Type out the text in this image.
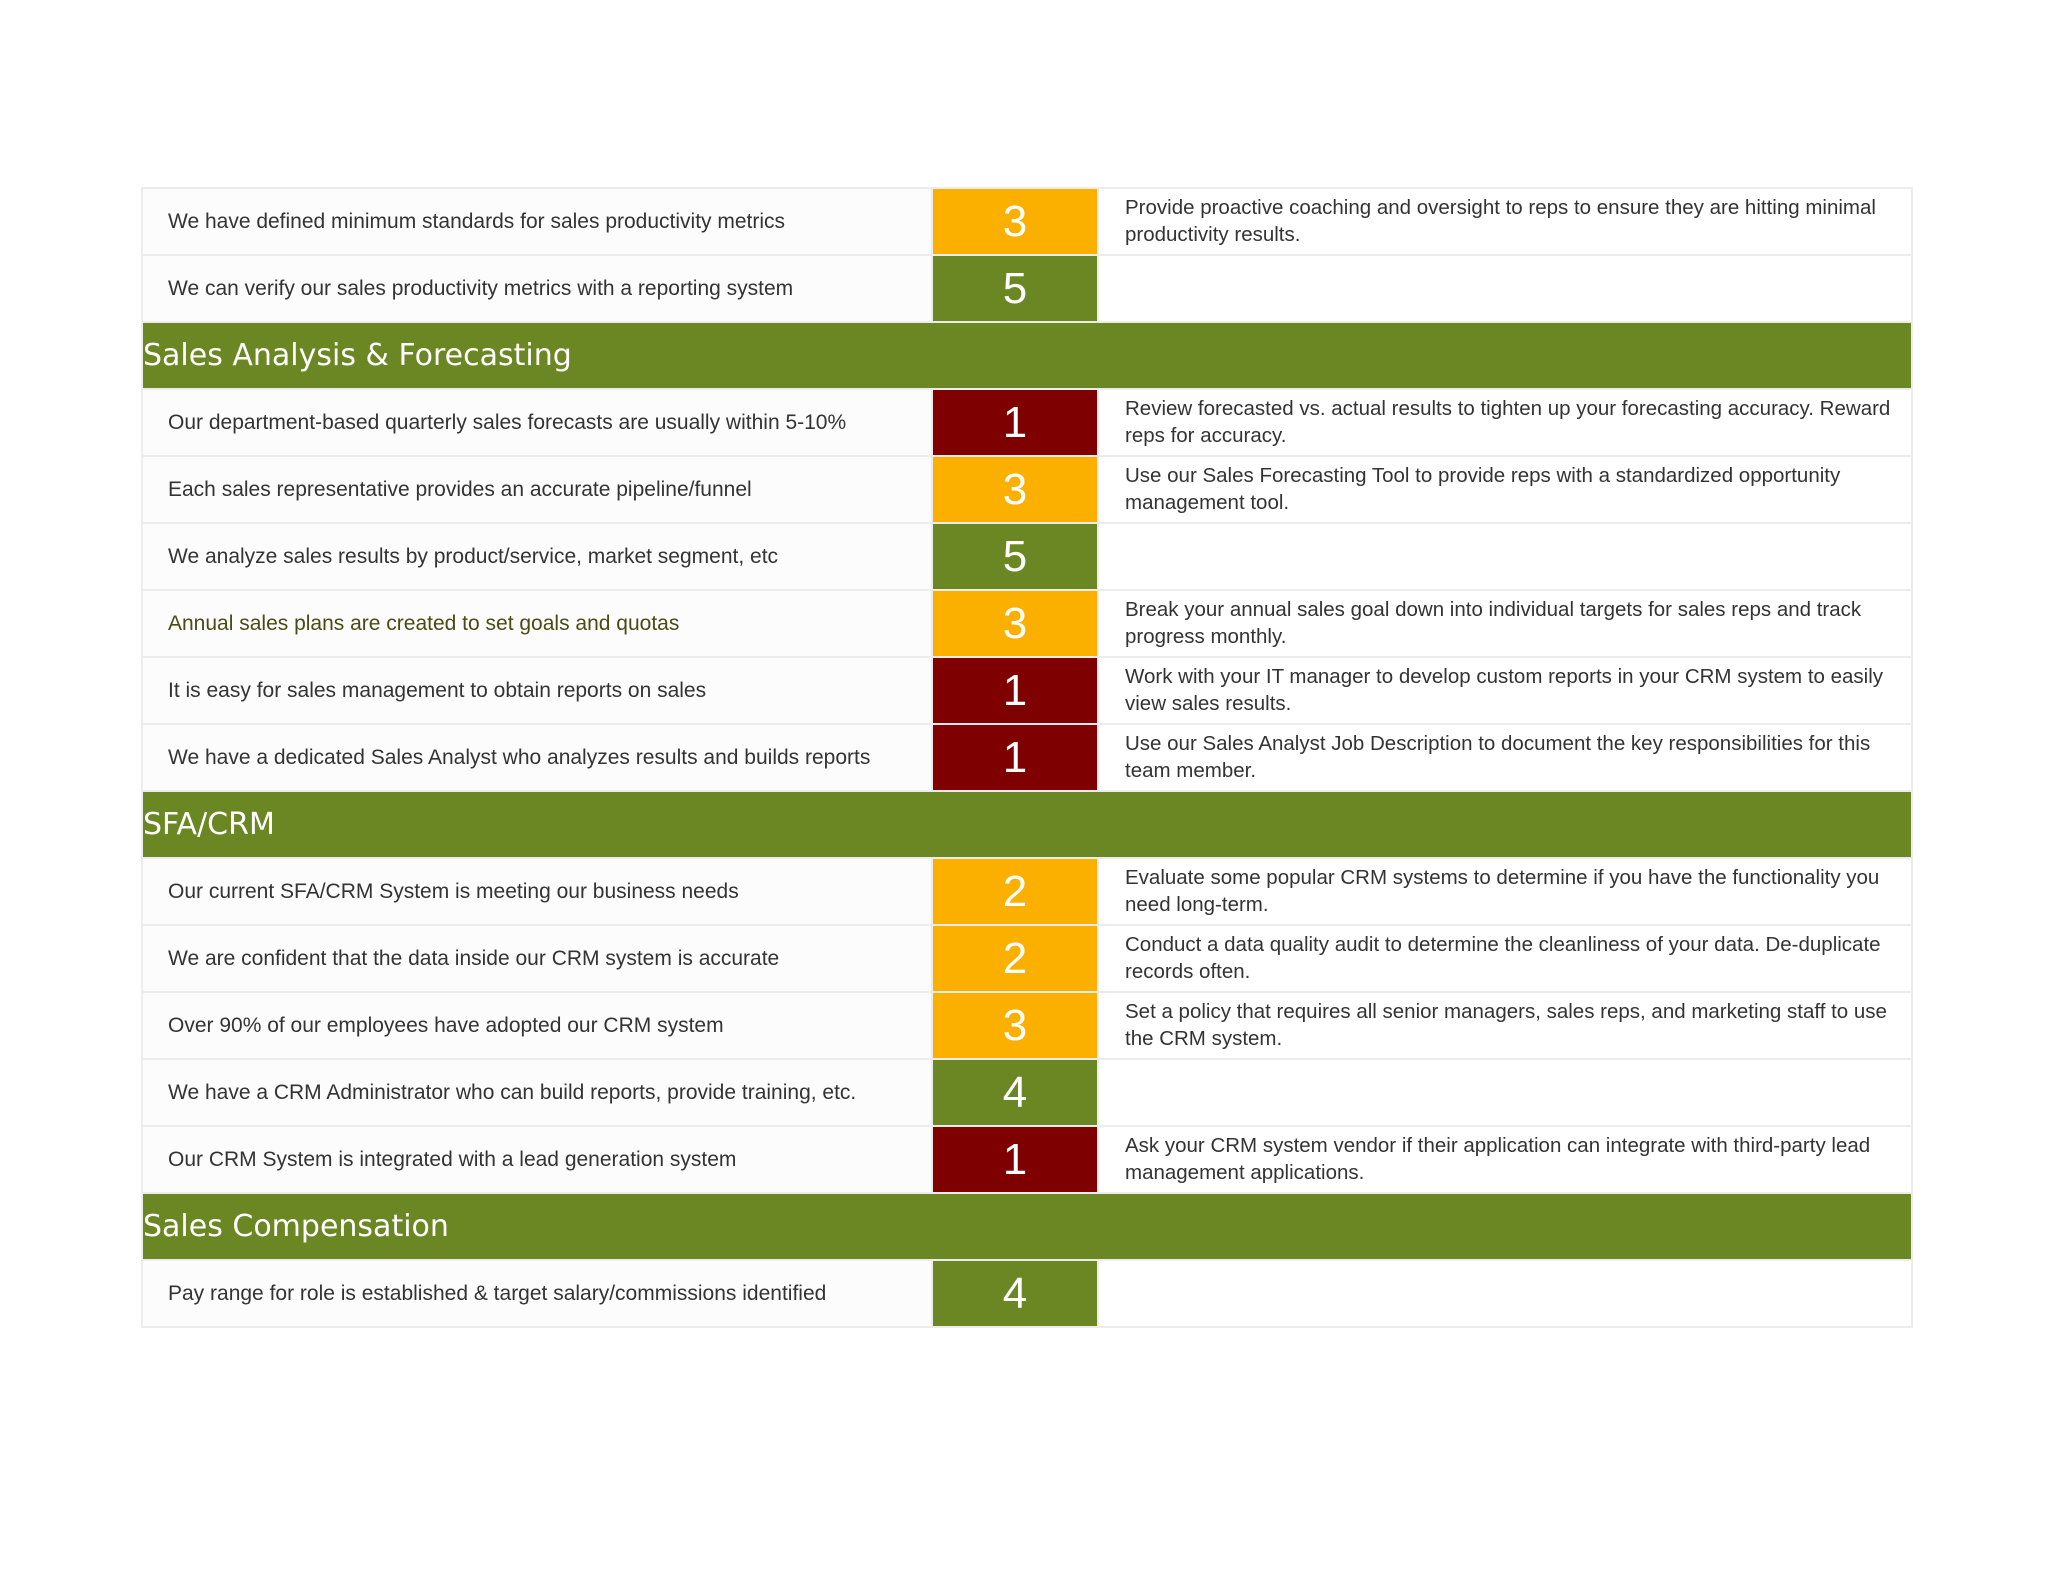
We have defined minimum standards for sales productivity metrics	3	Provide proactive coaching and oversight to reps to ensure they are hitting minimal productivity results.
We can verify our sales productivity metrics with a reporting system	5	
Sales Analysis & Forecasting		
Our department-based quarterly sales forecasts are usually within 5-10%	1	Review forecasted vs. actual results to tighten up your forecasting accuracy. Reward reps for accuracy.
Each sales representative provides an accurate pipeline/funnel	3	Use our Sales Forecasting Tool to provide reps with a standardized opportunity management tool.
We analyze sales results by product/service, market segment, etc	5	
Annual sales plans are created to set goals and quotas	3	Break your annual sales goal down into individual targets for sales reps and track progress monthly.
It is easy for sales management to obtain reports on sales	1	Work with your IT manager to develop custom reports in your CRM system to easily view sales results.
We have a dedicated Sales Analyst who analyzes results and builds reports	1	Use our Sales Analyst Job Description to document the key responsibilities for this team member.
SFA/CRM		
Our current SFA/CRM System is meeting our business needs	2	Evaluate some popular CRM systems to determine if you have the functionality you need long-term.
We are confident that the data inside our CRM system is accurate	2	Conduct a data quality audit to determine the cleanliness of your data. De-duplicate records often.
Over 90% of our employees have adopted our CRM system	3	Set a policy that requires all senior managers, sales reps, and marketing staff to use the CRM system.
We have a CRM Administrator who can build reports, provide training, etc.	4	
Our CRM System is integrated with a lead generation system	1	Ask your CRM system vendor if their application can integrate with third-party lead management applications.
Sales Compensation		
Pay range for role is established & target salary/commissions identified	4	
